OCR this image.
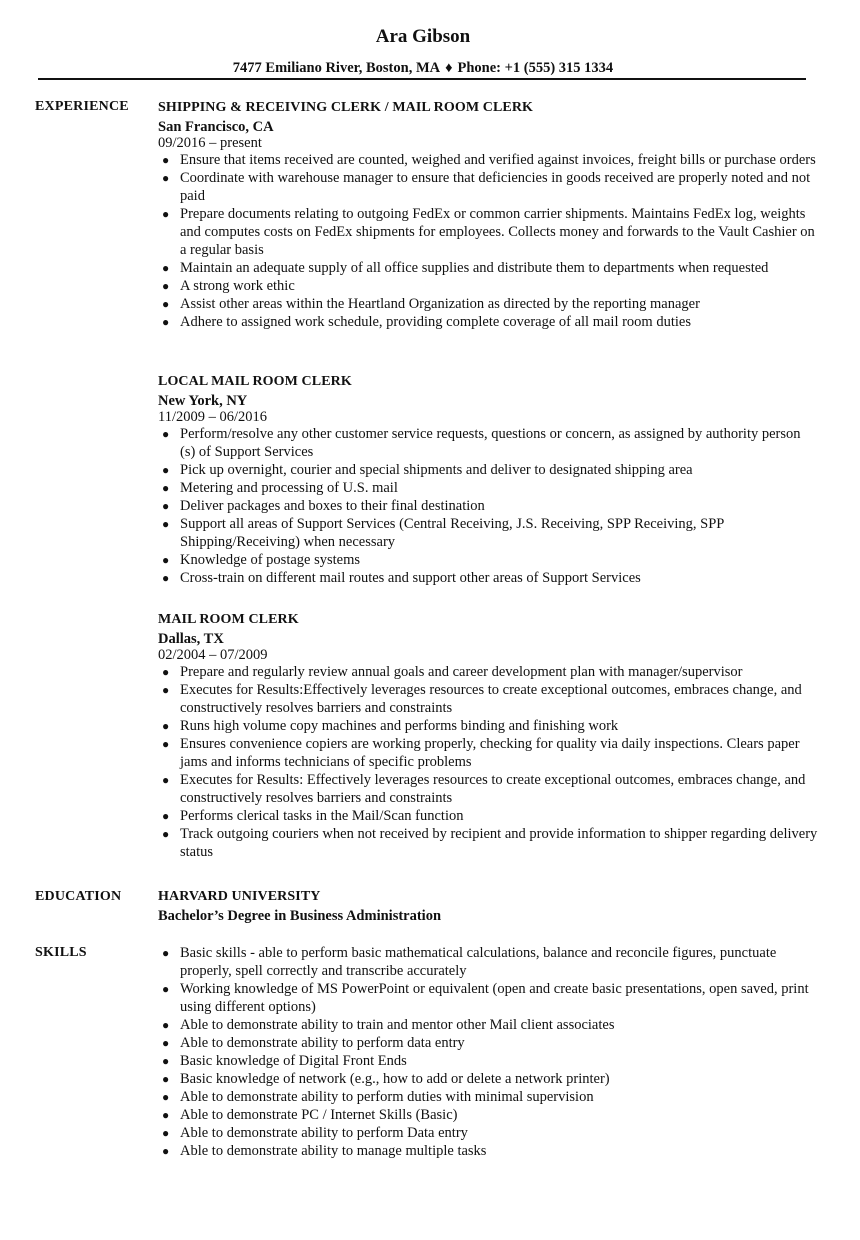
Ara Gibson
7477 Emiliano River, Boston, MA ♦ Phone: +1 (555) 315 1334
EXPERIENCE SHIPPING & RECEIVING CLERK / MAIL ROOM CLERK
San Francisco, CA
09/2016 – present
● Ensure that items received are counted, weighed and verified against invoices, freight bills or purchase orders
● Coordinate with warehouse manager to ensure that deficiencies in goods received are properly noted and not paid
● Prepare documents relating to outgoing FedEx or common carrier shipments. Maintains FedEx log, weights and computes costs on FedEx shipments for employees. Collects money and forwards to the Vault Cashier on a regular basis
● Maintain an adequate supply of all office supplies and distribute them to departments when requested
● A strong work ethic
● Assist other areas within the Heartland Organization as directed by the reporting manager
● Adhere to assigned work schedule, providing complete coverage of all mail room duties
LOCAL MAIL ROOM CLERK
New York, NY
11/2009 – 06/2016
● Perform/resolve any other customer service requests, questions or concern, as assigned by authority person (s) of Support Services
● Pick up overnight, courier and special shipments and deliver to designated shipping area
● Metering and processing of U.S. mail
● Deliver packages and boxes to their final destination
● Support all areas of Support Services (Central Receiving, J.S. Receiving, SPP Receiving, SPP Shipping/Receiving) when necessary
● Knowledge of postage systems
● Cross-train on different mail routes and support other areas of Support Services
MAIL ROOM CLERK
Dallas, TX
02/2004 – 07/2009
● Prepare and regularly review annual goals and career development plan with manager/supervisor
● Executes for Results:Effectively leverages resources to create exceptional outcomes, embraces change, and constructively resolves barriers and constraints
● Runs high volume copy machines and performs binding and finishing work
● Ensures convenience copiers are working properly, checking for quality via daily inspections. Clears paper jams and informs technicians of specific problems
● Executes for Results: Effectively leverages resources to create exceptional outcomes, embraces change, and constructively resolves barriers and constraints
● Performs clerical tasks in the Mail/Scan function
● Track outgoing couriers when not received by recipient and provide information to shipper regarding delivery status
EDUCATION	HARVARD UNIVERSITY
Bachelor’s Degree in Business Administration
SKILLS	● Basic skills - able to perform basic mathematical calculations, balance and reconcile figures, punctuate properly, spell correctly and transcribe accurately
● Working knowledge of MS PowerPoint or equivalent (open and create basic presentations, open saved, print using different options)
● Able to demonstrate ability to train and mentor other Mail client associates
● Able to demonstrate ability to perform data entry
● Basic knowledge of Digital Front Ends
● Basic knowledge of network (e.g., how to add or delete a network printer)
● Able to demonstrate ability to perform duties with minimal supervision
● Able to demonstrate PC / Internet Skills (Basic)
● Able to demonstrate ability to perform Data entry
● Able to demonstrate ability to manage multiple tasks
